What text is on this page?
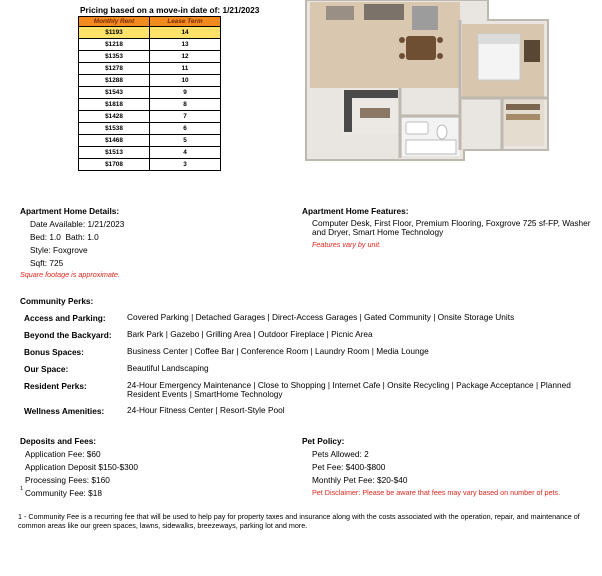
Pricing based on a move-in date of: 1/21/2023
Monthly Rent	Lease Term
$1193	14
$1218	13
$1353	12
$1278	11
$1288	10
$1543	9
$1818	8
$1428	7
$1538	6
$1468	5
$1513	4
$1708	3
Apartment Home Details:
Date Available: 1/21/2023
Bed: 1.0  Bath: 1.0
Style: Foxgrove
Sqft: 725
Square footage is approximate.
Apartment Home Features:
Computer Desk, First Floor, Premium Flooring, Foxgrove 725 sf-FP, Washer and Dryer, Smart Home Technology
Features vary by unit.
Community Perks:
Access and Parking:	Covered Parking | Detached Garages | Direct-Access Garages | Gated Community | Onsite Storage Units
Beyond the Backyard: Bark Park | Gazebo | Grilling Area | Outdoor Fireplace | Picnic Area
Bonus Spaces:	Business Center | Coffee Bar | Conference Room | Laundry Room | Media Lounge
Our Space:	Beautiful Landscaping
Resident Perks:	24-Hour Emergency Maintenance | Close to Shopping | Internet Cafe | Onsite Recycling | Package Acceptance | Planned Resident Events | SmartHome Technology
Wellness Amenities:	24-Hour Fitness Center | Resort-Style Pool
Deposits and Fees:
Application Fee: $60
Application Deposit $150-$300
Processing Fees: $160
1 Community Fee: $18
Pet Policy:
Pets Allowed: 2
Pet Fee: $400-$800
Monthly Pet Fee: $20-$40
Pet Disclaimer: Please be aware that fees may vary based on number of pets.
1 - Community Fee is a recurring fee that will be used to help pay for property taxes and insurance along with the costs associated with the operation, repair, and maintenance of common areas like our green spaces, lawns, sidewalks, breezeways, parking lot and more.
